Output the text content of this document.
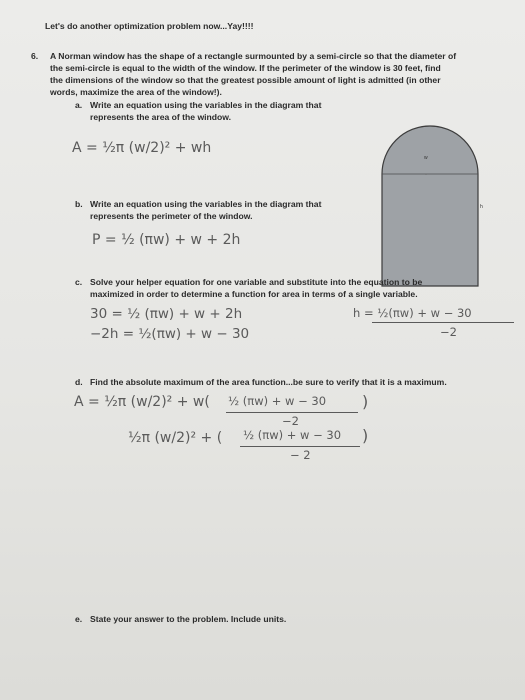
Let's do another optimization problem now...Yay!!!!
6. A Norman window has the shape of a rectangle surmounted by a semi-circle so that the diameter of
the semi-circle is equal to the width of the window. If the perimeter of the window is 30 feet, find
the dimensions of the window so that the greatest possible amount of light is admitted (in other
words, maximize the area of the window!).
a. Write an equation using the variables in the diagram that
represents the area of the window.
A = ½π (w/2)² + wh
w
h
b. Write an equation using the variables in the diagram that
represents the perimeter of the window.
P = ½ (πw) + w + 2h
c. Solve your helper equation for one variable and substitute into the equation to be
maximized in order to determine a function for area in terms of a single variable.
30 = ½ (πw) + w + 2h
−2h = ½(πw) + w − 30
h = ½(πw) + w − 30
−2
d. Find the absolute maximum of the area function...be sure to verify that it is a maximum.
A = ½π (w/2)² + w( ½ (πw) + w − 30 )
−2
½π (w/2)² + ( ½ (πw) + w − 30 )
− 2
e. State your answer to the problem. Include units.
